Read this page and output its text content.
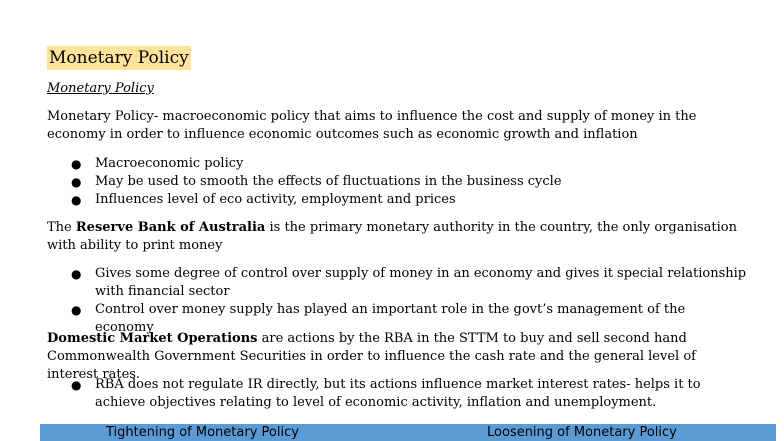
Monetary Policy
Monetary Policy
Monetary Policy- macroeconomic policy that aims to influence the cost and supply of money in the economy in order to influence economic outcomes such as economic growth and inflation
● Macroeconomic policy
● May be used to smooth the effects of fluctuations in the business cycle
● Influences level of eco activity, employment and prices
The Reserve Bank of Australia is the primary monetary authority in the country, the only organisation with ability to print money
● Gives some degree of control over supply of money in an economy and gives it special relationship with financial sector
● Control over money supply has played an important role in the govt’s management of the economy
Domestic Market Operations are actions by the RBA in the STTM to buy and sell second hand Commonwealth Government Securities in order to influence the cash rate and the general level of interest rates.
● RBA does not regulate IR directly, but its actions influence market interest rates- helps it to achieve objectives relating to level of economic activity, inflation and unemployment.
Tightening of Monetary Policy	Loosening of Monetary Policy
